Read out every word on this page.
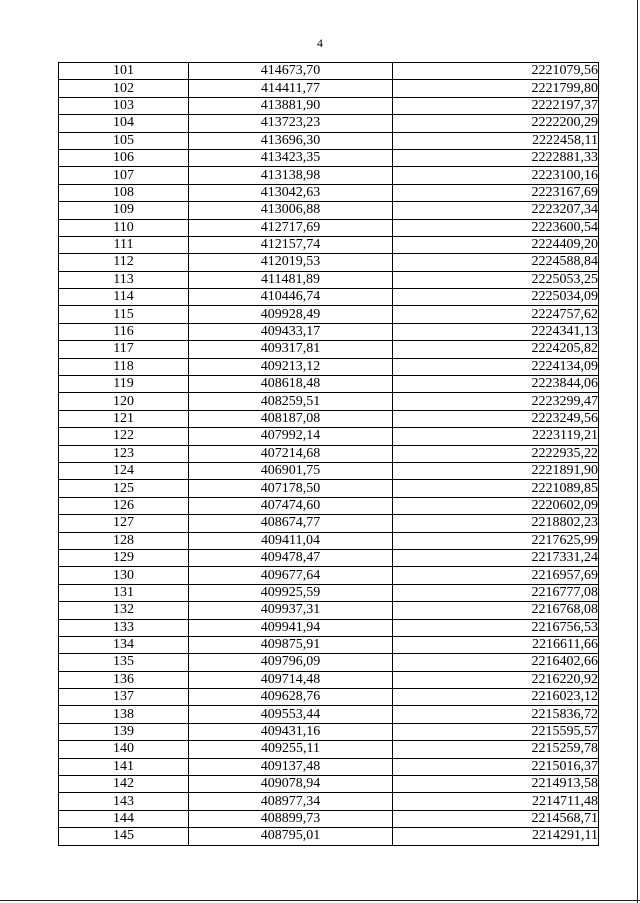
4
101	414673,70	2221079,56
102	414411,77	2221799,80
103	413881,90	2222197,37
104	413723,23	2222200,29
105	413696,30	2222458,11
106	413423,35	2222881,33
107	413138,98	2223100,16
108	413042,63	2223167,69
109	413006,88	2223207,34
110	412717,69	2223600,54
111	412157,74	2224409,20
112	412019,53	2224588,84
113	411481,89	2225053,25
114	410446,74	2225034,09
115	409928,49	2224757,62
116	409433,17	2224341,13
117	409317,81	2224205,82
118	409213,12	2224134,09
119	408618,48	2223844,06
120	408259,51	2223299,47
121	408187,08	2223249,56
122	407992,14	2223119,21
123	407214,68	2222935,22
124	406901,75	2221891,90
125	407178,50	2221089,85
126	407474,60	2220602,09
127	408674,77	2218802,23
128	409411,04	2217625,99
129	409478,47	2217331,24
130	409677,64	2216957,69
131	409925,59	2216777,08
132	409937,31	2216768,08
133	409941,94	2216756,53
134	409875,91	2216611,66
135	409796,09	2216402,66
136	409714,48	2216220,92
137	409628,76	2216023,12
138	409553,44	2215836,72
139	409431,16	2215595,57
140	409255,11	2215259,78
141	409137,48	2215016,37
142	409078,94	2214913,58
143	408977,34	2214711,48
144	408899,73	2214568,71
145	408795,01	2214291,11
